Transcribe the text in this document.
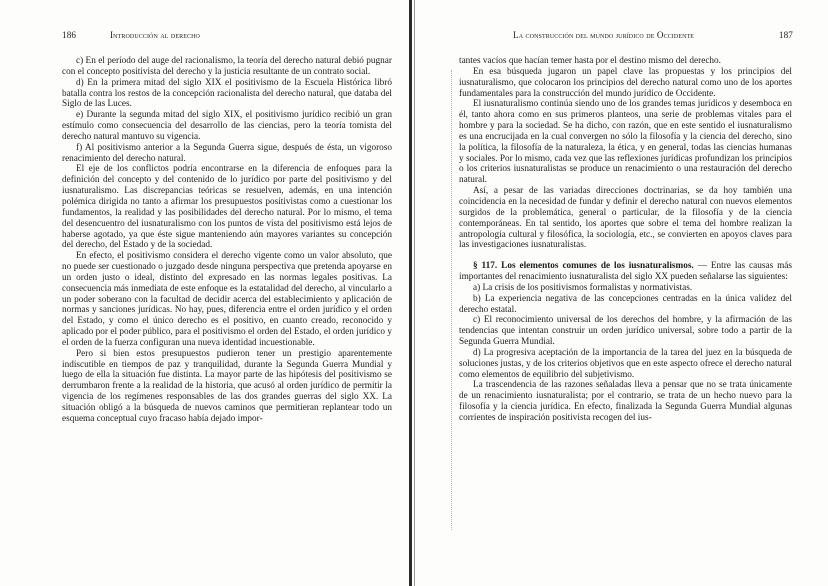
186	Introducción al derecho

c) En el período del auge del racionalismo, la teoría del derecho natural debió pugnar con el concepto positivista del derecho y la justicia resultante de un contrato social.

d) En la primera mitad del siglo XIX el positivismo de la Escuela Histórica libró batalla contra los restos de la concepción racionalista del derecho natural, que databa del Siglo de las Luces.

e) Durante la segunda mitad del siglo XIX, el positivismo jurídico recibió un gran estímulo como consecuencia del desarrollo de las ciencias, pero la teoría tomista del derecho natural mantuvo su vigencia.

f) Al positivismo anterior a la Segunda Guerra sigue, después de ésta, un vigoroso renacimiento del derecho natural.

El eje de los conflictos podría encontrarse en la diferencia de enfoques para la definición del concepto y del contenido de lo jurídico por parte del positivismo y del iusnaturalismo. Las discrepancias teóricas se resuelven, además, en una intención polémica dirigida no tanto a afirmar los presupuestos positivistas como a cuestionar los fundamentos, la realidad y las posibilidades del derecho natural. Por lo mismo, el tema del desencuentro del iusnaturalismo con los puntos de vista del positivismo está lejos de haberse agotado, ya que éste sigue manteniendo aún mayores variantes su concepción del derecho, del Estado y de la sociedad.

En efecto, el positivismo considera el derecho vigente como un valor absoluto, que no puede ser cuestionado o juzgado desde ninguna perspectiva que pretenda apoyarse en un orden justo o ideal, distinto del expresado en las normas legales positivas. La consecuencia más inmediata de este enfoque es la estatalidad del derecho, al vincularlo a un poder soberano con la facultad de decidir acerca del establecimiento y aplicación de normas y sanciones jurídicas. No hay, pues, diferencia entre el orden jurídico y el orden del Estado, y como el único derecho es el positivo, en cuanto creado, reconocido y aplicado por el poder público, para el positivismo el orden del Estado, el orden jurídico y el orden de la fuerza configuran una nueva identidad incuestionable.

Pero si bien estos presupuestos pudieron tener un prestigio aparentemente indiscutible en tiempos de paz y tranquilidad, durante la Segunda Guerra Mundial y luego de ella la situación fue distinta. La mayor parte de las hipótesis del positivismo se derrumbaron frente a la realidad de la historia, que acusó al orden jurídico de permitir la vigencia de los regímenes responsables de las dos grandes guerras del siglo XX. La situación obligó a la búsqueda de nuevos caminos que permitieran replantear todo un esquema conceptual cuyo fracaso había dejado impor-

La construcción del mundo jurídico de Occidente	187

tantes vacíos que hacían temer hasta por el destino mismo del derecho.

En esa búsqueda jugaron un papel clave las propuestas y los principios del iusnaturalismo, que colocaron los principios del derecho natural como uno de los aportes fundamentales para la construcción del mundo jurídico de Occidente.

El iusnaturalismo continúa siendo uno de los grandes temas jurídicos y desemboca en él, tanto ahora como en sus primeros planteos, una serie de problemas vitales para el hombre y para la sociedad. Se ha dicho, con razón, que en este sentido el iusnaturalismo es una encrucijada en la cual convergen no sólo la filosofía y la ciencia del derecho, sino la política, la filosofía de la naturaleza, la ética, y en general, todas las ciencias humanas y sociales. Por lo mismo, cada vez que las reflexiones jurídicas profundizan los principios o los criterios iusnaturalistas se produce un renacimiento o una restauración del derecho natural.

Así, a pesar de las variadas direcciones doctrinarias, se da hoy también una coincidencia en la necesidad de fundar y definir el derecho natural con nuevos elementos surgidos de la problemática, general o particular, de la filosofía y de la ciencia contemporáneas. En tal sentido, los aportes que sobre el tema del hombre realizan la antropología cultural y filosófica, la sociología, etc., se convierten en apoyos claves para las investigaciones iusnaturalistas.

§ 117. Los elementos comunes de los iusnaturalismos. — Entre las causas más importantes del renacimiento iusnaturalista del siglo XX pueden señalarse las siguientes:

a) La crisis de los positivismos formalistas y normativistas.

b) La experiencia negativa de las concepciones centradas en la única validez del derecho estatal.

c) El reconocimiento universal de los derechos del hombre, y la afirmación de las tendencias que intentan construir un orden jurídico universal, sobre todo a partir de la Segunda Guerra Mundial.

d) La progresiva aceptación de la importancia de la tarea del juez en la búsqueda de soluciones justas, y de los criterios objetivos que en este aspecto ofrece el derecho natural como elementos de equilibrio del subjetivismo.

La trascendencia de las razones señaladas lleva a pensar que no se trata únicamente de un renacimiento iusnaturalista; por el contrario, se trata de un hecho nuevo para la filosofía y la ciencia jurídica. En efecto, finalizada la Segunda Guerra Mundial algunas corrientes de inspiración positivista recogen del ius-
